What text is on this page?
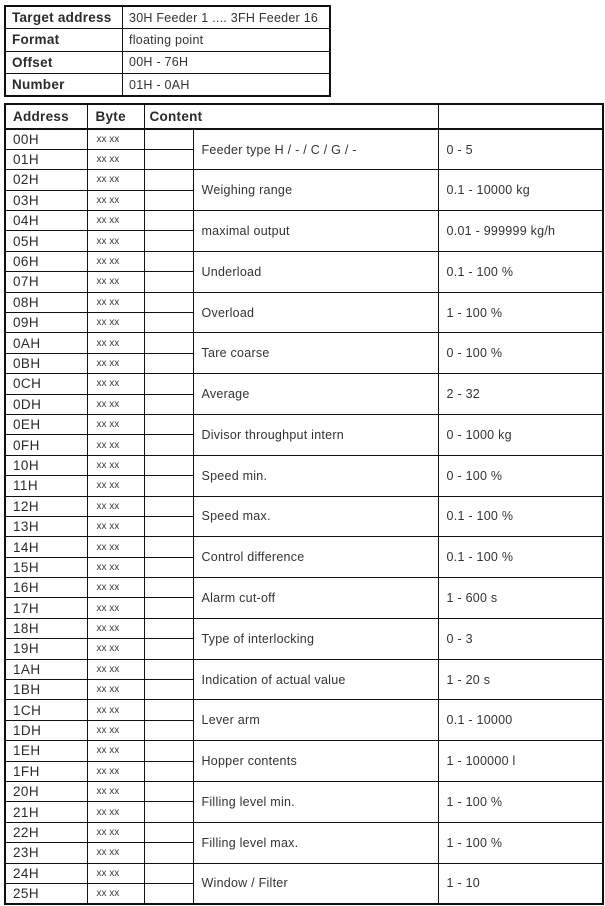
Target address	30H Feeder 1 .... 3FH Feeder 16
Format	floating point
Offset	00H - 76H
Number	01H - 0AH
Address	Byte	Content		
00H	xx xx		Feeder type H / - / C / G / -	0 - 5
01H	xx xx			
02H	xx xx		Weighing range	0.1 - 10000 kg
03H	xx xx			
04H	xx xx		maximal output	0.01 - 999999 kg/h
05H	xx xx			
06H	xx xx		Underload	0.1 - 100 %
07H	xx xx			
08H	xx xx		Overload	1 - 100 %
09H	xx xx			
0AH	xx xx		Tare coarse	0 - 100 %
0BH	xx xx			
0CH	xx xx		Average	2 - 32
0DH	xx xx			
0EH	xx xx		Divisor throughput intern	0 - 1000 kg
0FH	xx xx			
10H	xx xx		Speed min.	0 - 100 %
11H	xx xx			
12H	xx xx		Speed max.	0.1 - 100 %
13H	xx xx			
14H	xx xx		Control difference	0.1 - 100 %
15H	xx xx			
16H	xx xx		Alarm cut-off	1 - 600 s
17H	xx xx			
18H	xx xx		Type of interlocking	0 - 3
19H	xx xx			
1AH	xx xx		Indication of actual value	1 - 20 s
1BH	xx xx			
1CH	xx xx		Lever arm	0.1 - 10000
1DH	xx xx			
1EH	xx xx		Hopper contents	1 - 100000 l
1FH	xx xx			
20H	xx xx		Filling level min.	1 - 100 %
21H	xx xx			
22H	xx xx		Filling level max.	1 - 100 %
23H	xx xx			
24H	xx xx		Window / Filter	1 - 10
25H	xx xx			
